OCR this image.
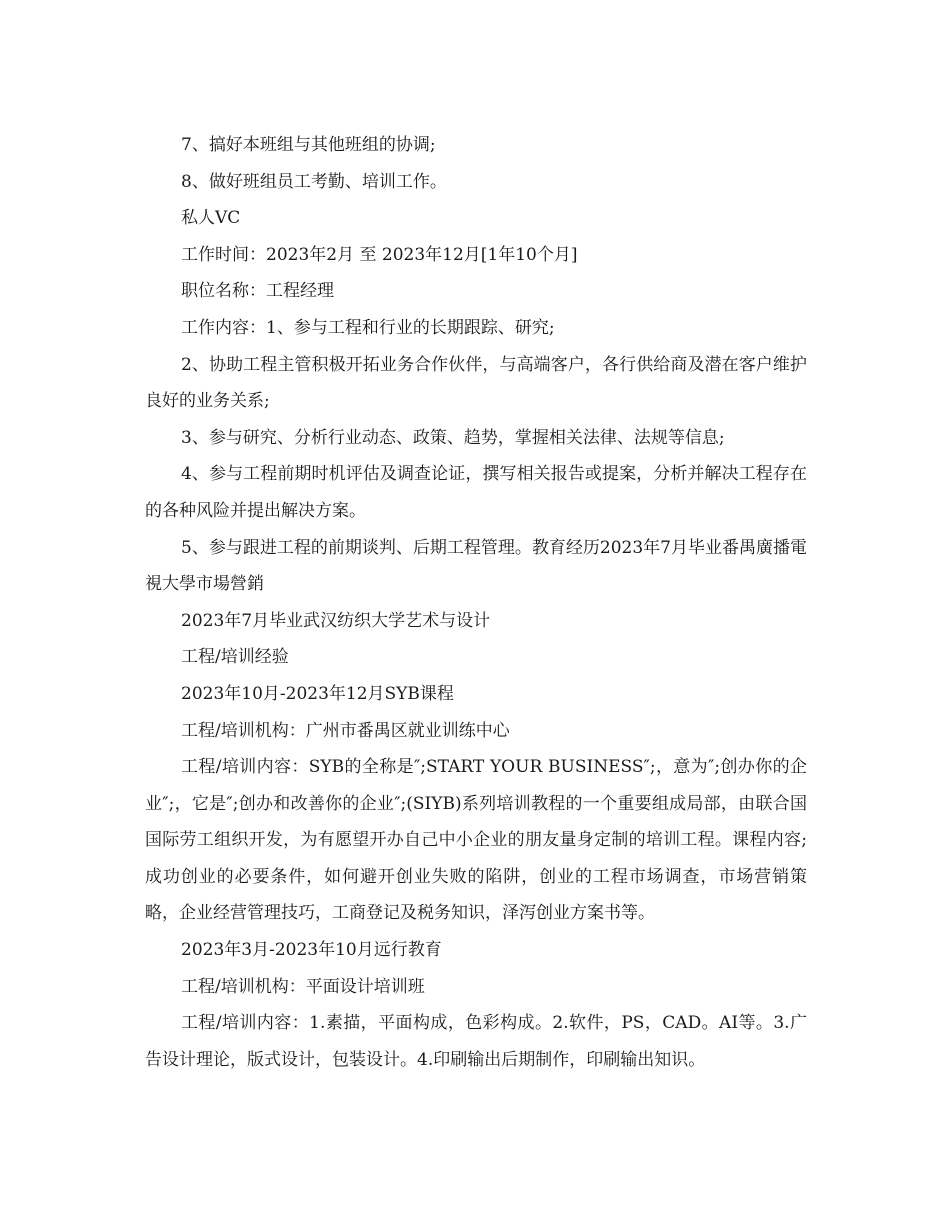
7、搞好本班组与其他班组的协调;

8、做好班组员工考勤、培训工作。

私人VC

工作时间：2023年2月 至 2023年12月[1年10个月]

职位名称：工程经理

工作内容：1、参与工程和行业的长期跟踪、研究;

2、协助工程主管积极开拓业务合作伙伴，与高端客户，各行供给商及潜在客户维护良好的业务关系;

3、参与研究、分析行业动态、政策、趋势，掌握相关法律、法规等信息;

4、参与工程前期时机评估及调查论证，撰写相关报告或提案，分析并解决工程存在的各种风险并提出解决方案。

5、参与跟进工程的前期谈判、后期工程管理。教育经历2023年7月毕业番禺廣播電視大學市場營銷

2023年7月毕业武汉纺织大学艺术与设计

工程/培训经验

2023年10月-2023年12月SYB课程

工程/培训机构：广州市番禺区就业训练中心

工程/培训内容：SYB的全称是″;START YOUR BUSINESS″;，意为″;创办你的企业″;，它是″;创办和改善你的企业″;(SIYB)系列培训教程的一个重要组成局部，由联合国国际劳工组织开发，为有愿望开办自己中小企业的朋友量身定制的培训工程。课程内容;成功创业的必要条件，如何避开创业失败的陷阱，创业的工程市场调查，市场营销策略，企业经营管理技巧，工商登记及税务知识，泽泻创业方案书等。

2023年3月-2023年10月远行教育

工程/培训机构：平面设计培训班

工程/培训内容：1.素描，平面构成，色彩构成。2.软件，PS，CAD。AI等。3.广告设计理论，版式设计，包装设计。4.印刷输出后期制作，印刷输出知识。
